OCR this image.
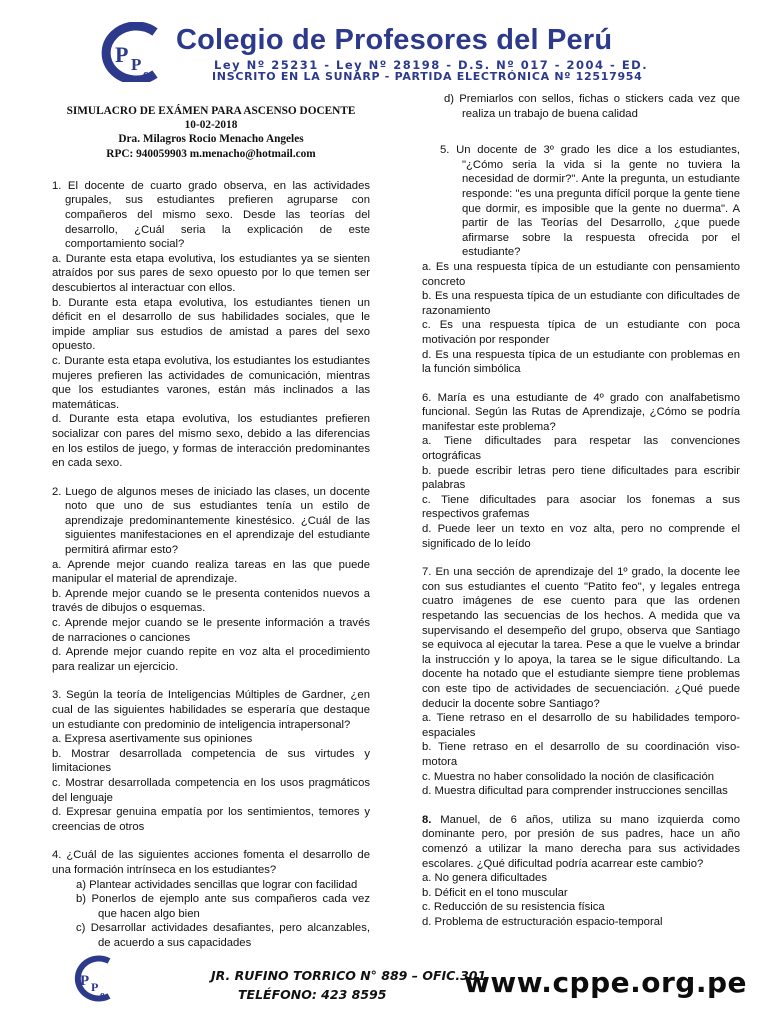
P P e
Colegio de Profesores del Perú
Ley Nº 25231 - Ley Nº 28198 - D.S. Nº 017 - 2004 - ED.
INSCRITO EN LA SUNARP - PARTIDA ELECTRÓNICA Nº 12517954
SIMULACRO DE EXÁMEN PARA ASCENSO DOCENTE
10-02-2018
Dra. Milagros Rocio Menacho Angeles
RPC: 940059903 m.menacho@hotmail.com
1. El docente de cuarto grado observa, en las actividades grupales, sus estudiantes prefieren agruparse con compañeros del mismo sexo. Desde las teorías del desarrollo, ¿Cuál seria la explicación de este comportamiento social?
a. Durante esta etapa evolutiva, los estudiantes ya se sienten atraídos por sus pares de sexo opuesto por lo que temen ser descubiertos al interactuar con ellos.
b. Durante esta etapa evolutiva, los estudiantes tienen un déficit en el desarrollo de sus habilidades sociales, que le impide ampliar sus estudios de amistad a pares del sexo opuesto.
c. Durante esta etapa evolutiva, los estudiantes los estudiantes mujeres prefieren las actividades de comunicación, mientras que los estudiantes varones, están más inclinados a las matemáticas.
d. Durante esta etapa evolutiva, los estudiantes prefieren socializar con pares del mismo sexo, debido a las diferencias en los estilos de juego, y formas de interacción predominantes en cada sexo.
2. Luego de algunos meses de iniciado las clases, un docente noto que uno de sus estudiantes tenía un estilo de aprendizaje predominantemente kinestésico. ¿Cuál de las siguientes manifestaciones en el aprendizaje del estudiante permitirá afirmar esto?
a. Aprende mejor cuando realiza tareas en las que puede manipular el material de aprendizaje.
b. Aprende mejor cuando se le presenta contenidos nuevos a través de dibujos o esquemas.
c. Aprende mejor cuando se le presente información a través de narraciones o canciones
d. Aprende mejor cuando repite en voz alta el procedimiento para realizar un ejercicio.
3. Según la teoría de Inteligencias Múltiples de Gardner, ¿en cual de las siguientes habilidades se esperaría que destaque un estudiante con predominio de inteligencia intrapersonal?
a. Expresa asertivamente sus opiniones
b. Mostrar desarrollada competencia de sus virtudes y limitaciones
c. Mostrar desarrollada competencia en los usos pragmáticos del lenguaje
d. Expresar genuina empatía por los sentimientos, temores y creencias de otros
4. ¿Cuál de las siguientes acciones fomenta el desarrollo de una formación intrínseca en los estudiantes?
a) Plantear actividades sencillas que lograr con facilidad
b) Ponerlos de ejemplo ante sus compañeros cada vez que hacen algo bien
c) Desarrollar actividades desafiantes, pero alcanzables, de acuerdo a sus capacidades
d) Premiarlos con sellos, fichas o stickers cada vez que realiza un trabajo de buena calidad
5. Un docente de 3º grado les dice a los estudiantes, "¿Cómo seria la vida si la gente no tuviera la necesidad de dormir?". Ante la pregunta, un estudiante responde: "es una pregunta difícil porque la gente tiene que dormir, es imposible que la gente no duerma". A partir de las Teorías del Desarrollo, ¿que puede afirmarse sobre la respuesta ofrecida por el estudiante?
a. Es una respuesta típica de un estudiante con pensamiento concreto
b. Es una respuesta típica de un estudiante con dificultades de razonamiento
c. Es una respuesta típica de un estudiante con poca motivación por responder
d. Es una respuesta típica de un estudiante con problemas en la función simbólica
6. María es una estudiante de 4º grado con analfabetismo funcional. Según las Rutas de Aprendizaje, ¿Cómo se podría manifestar este problema?
a. Tiene dificultades para respetar las convenciones ortográficas
b. puede escribir letras pero tiene dificultades para escribir palabras
c. Tiene dificultades para asociar los fonemas a sus respectivos grafemas
d. Puede leer un texto en voz alta, pero no comprende el significado de lo leído
7. En una sección de aprendizaje del 1º grado, la docente lee con sus estudiantes el cuento "Patito feo", y legales entrega cuatro imágenes de ese cuento para que las ordenen respetando las secuencias de los hechos. A medida que va supervisando el desempeño del grupo, observa que Santiago se equivoca al ejecutar la tarea. Pese a que le vuelve a brindar la instrucción y lo apoya, la tarea se le sigue dificultando. La docente ha notado que el estudiante siempre tiene problemas con este tipo de actividades de secuenciación. ¿Qué puede deducir la docente sobre Santiago?
a. Tiene retraso en el desarrollo de su habilidades temporo-espaciales
b. Tiene retraso en el desarrollo de su coordinación viso-motora
c. Muestra no haber consolidado la noción de clasificación
d. Muestra dificultad para comprender instrucciones sencillas
8. Manuel, de 6 años, utiliza su mano izquierda como dominante pero, por presión de sus padres, hace un año comenzó a utilizar la mano derecha para sus actividades escolares. ¿Qué dificultad podría acarrear este cambio?
a. No genera dificultades
b. Déficit en el tono muscular
c. Reducción de su resistencia física
d. Problema de estructuración espacio-temporal
P P
e
JR. RUFINO TORRICO N° 889 – OFIC.301
TELÉFONO: 423 8595	www.cppe.org.pe
